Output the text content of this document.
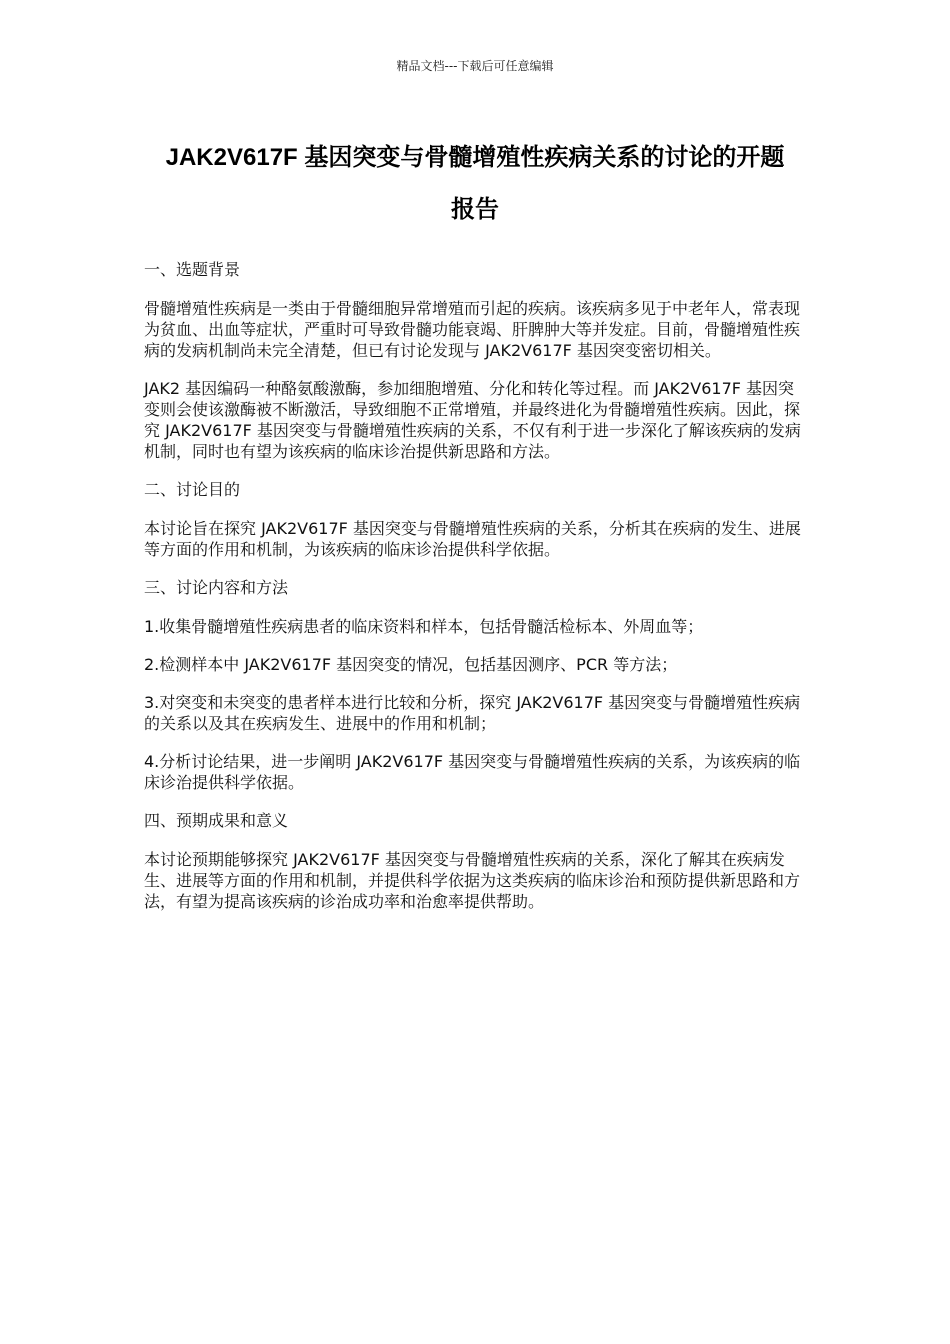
精品文档---下载后可任意编辑
JAK2V617F 基因突变与骨髓增殖性疾病关系的讨论的开题
报告

一、选题背景

骨髓增殖性疾病是一类由于骨髓细胞异常增殖而引起的疾病。该疾病多见于中老年人，常表现为贫血、出血等症状，严重时可导致骨髓功能衰竭、肝脾肿大等并发症。目前，骨髓增殖性疾病的发病机制尚未完全清楚，但已有讨论发现与 JAK2V617F 基因突变密切相关。

JAK2 基因编码一种酪氨酸激酶，参加细胞增殖、分化和转化等过程。而 JAK2V617F 基因突变则会使该激酶被不断激活，导致细胞不正常增殖，并最终进化为骨髓增殖性疾病。因此，探究 JAK2V617F 基因突变与骨髓增殖性疾病的关系，不仅有利于进一步深化了解该疾病的发病机制，同时也有望为该疾病的临床诊治提供新思路和方法。

二、讨论目的

本讨论旨在探究 JAK2V617F 基因突变与骨髓增殖性疾病的关系，分析其在疾病的发生、进展等方面的作用和机制，为该疾病的临床诊治提供科学依据。

三、讨论内容和方法

1.收集骨髓增殖性疾病患者的临床资料和样本，包括骨髓活检标本、外周血等；

2.检测样本中 JAK2V617F 基因突变的情况，包括基因测序、PCR 等方法；

3.对突变和未突变的患者样本进行比较和分析，探究 JAK2V617F 基因突变与骨髓增殖性疾病的关系以及其在疾病发生、进展中的作用和机制；

4.分析讨论结果，进一步阐明 JAK2V617F 基因突变与骨髓增殖性疾病的关系，为该疾病的临床诊治提供科学依据。

四、预期成果和意义

本讨论预期能够探究 JAK2V617F 基因突变与骨髓增殖性疾病的关系，深化了解其在疾病发生、进展等方面的作用和机制，并提供科学依据为这类疾病的临床诊治和预防提供新思路和方法，有望为提高该疾病的诊治成功率和治愈率提供帮助。
